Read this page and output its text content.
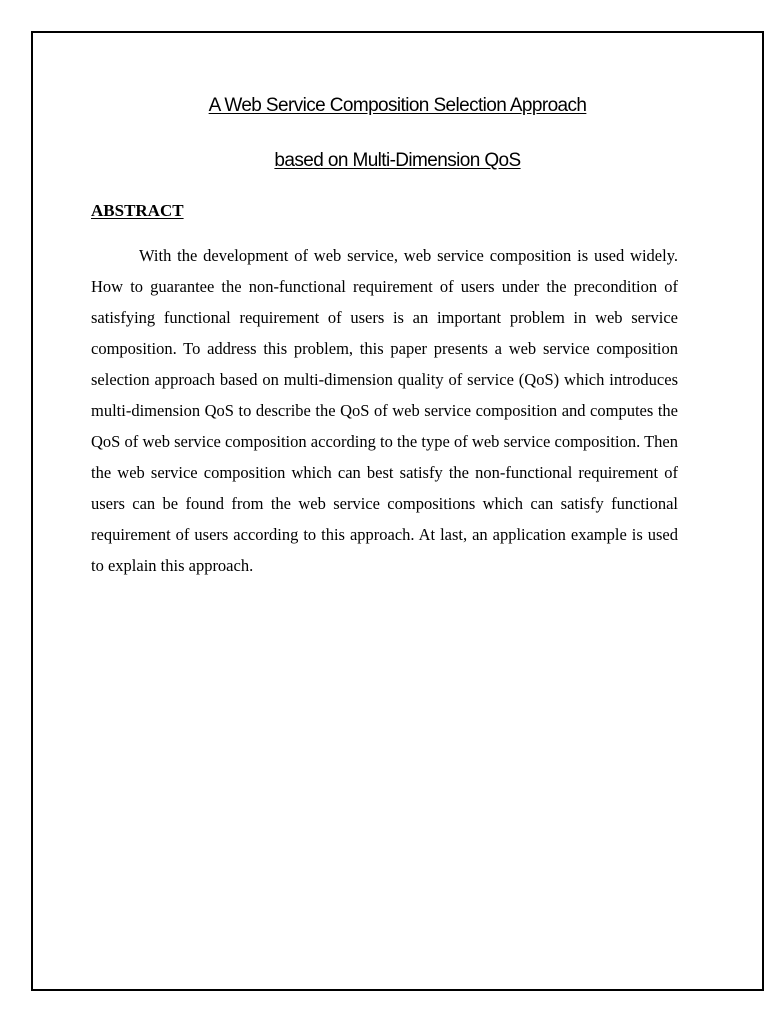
A Web Service Composition Selection Approach
based on Multi-Dimension QoS
ABSTRACT

With the development of web service, web service composition is used widely. How to guarantee the non-functional requirement of users under the precondition of satisfying functional requirement of users is an important problem in web service composition. To address this problem, this paper presents a web service composition selection approach based on multi-dimension quality of service (QoS) which introduces multi-dimension QoS to describe the QoS of web service composition and computes the QoS of web service composition according to the type of web service composition. Then the web service composition which can best satisfy the non-functional requirement of users can be found from the web service compositions which can satisfy functional requirement of users according to this approach. At last, an application example is used to explain this approach.
